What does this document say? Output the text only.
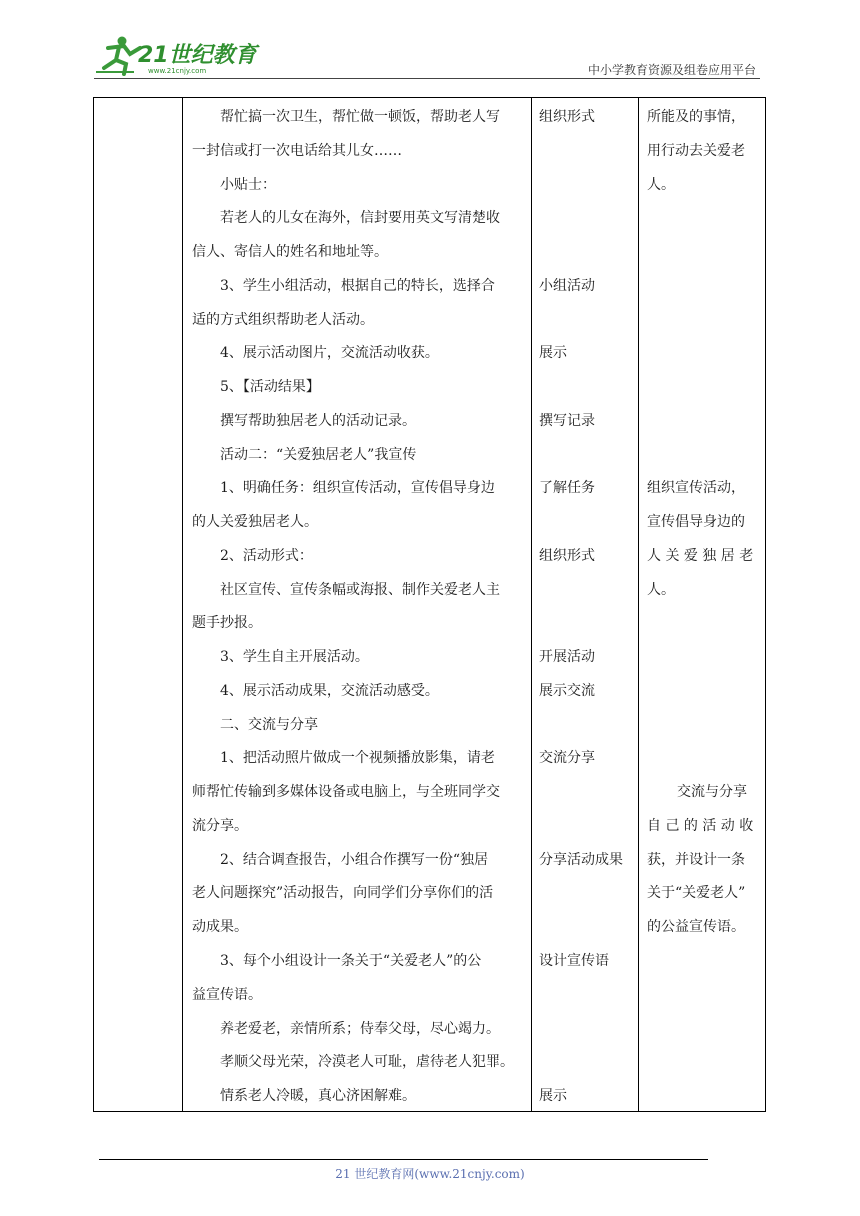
21世纪教育
www.21cnjy.com	中小学教育资源及组卷应用平台
帮忙搞一次卫生，帮忙做一顿饭，帮助老人写
一封信或打一次电话给其儿女……
小贴士：
若老人的儿女在海外，信封要用英文写清楚收
信人、寄信人的姓名和地址等。
3、学生小组活动，根据自己的特长，选择合
适的方式组织帮助老人活动。
4、展示活动图片，交流活动收获。
5、【活动结果】
撰写帮助独居老人的活动记录。
活动二：“关爱独居老人”我宣传
1、明确任务：组织宣传活动，宣传倡导身边
的人关爱独居老人。
2、活动形式：
社区宣传、宣传条幅或海报、制作关爱老人主
题手抄报。
3、学生自主开展活动。
4、展示活动成果，交流活动感受。
二、交流与分享
1、把活动照片做成一个视频播放影集，请老
师帮忙传输到多媒体设备或电脑上，与全班同学交
流分享。
2、结合调查报告，小组合作撰写一份“独居
老人问题探究”活动报告，向同学们分享你们的活
动成果。
3、每个小组设计一条关于“关爱老人”的公
益宣传语。
养老爱老，亲情所系；侍奉父母，尽心竭力。
孝顺父母光荣，冷漠老人可耻，虐待老人犯罪。
情系老人冷暖，真心济困解难。
组织形式
小组活动
展示
撰写记录
了解任务
组织形式
开展活动
展示交流
交流分享
分享活动成果
设计宣传语
展示
所能及的事情，
用行动去关爱老
人。
组织宣传活动，
宣传倡导身边的
人 关 爱 独 居 老
人。
交流与分享
自 己 的 活 动 收
获，并设计一条
关于“关爱老人”
的公益宣传语。
21 世纪教育网(www.21cnjy.com)
